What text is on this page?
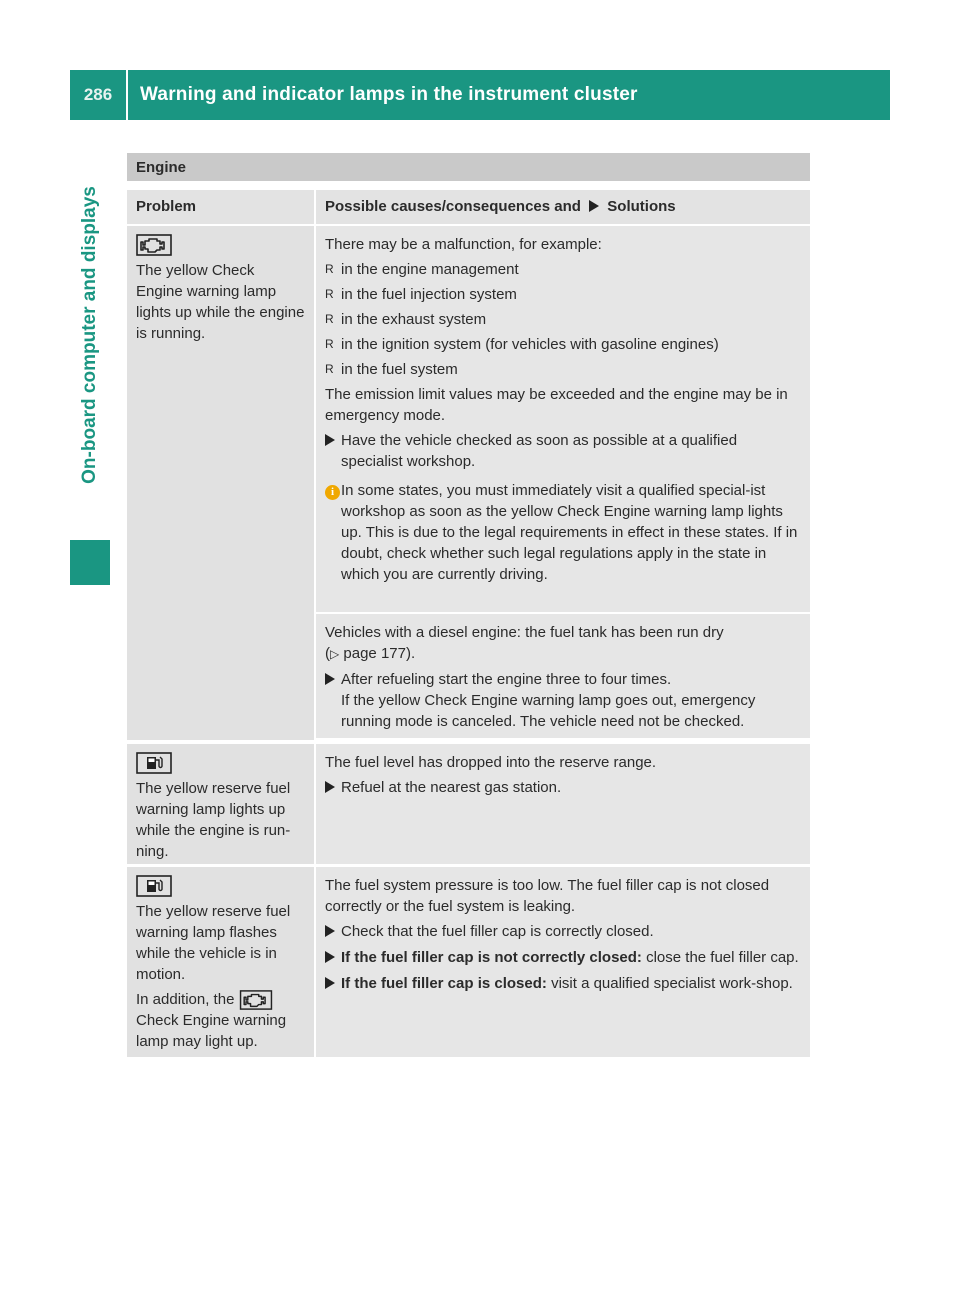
286	Warning and indicator lamps in the instrument cluster
On-board computer and displays
Engine
Problem	Possible causes/consequences and Solutions

The yellow Check Engine warning lamp lights up while the engine is running.

There may be a malfunction, for example:

R in the engine management
R in the fuel injection system
R in the exhaust system
R in the ignition system (for vehicles with gasoline engines)
R in the fuel system

The emission limit values may be exceeded and the engine may be in emergency mode.

Have the vehicle checked as soon as possible at a qualified specialist workshop.
i In some states, you must immediately visit a qualified special-ist workshop as soon as the yellow Check Engine warning lamp lights up. This is due to the legal requirements in effect in these states. If in doubt, check whether such legal regulations apply in the state in which you are currently driving.

Vehicles with a diesel engine: the fuel tank has been run dry

(▷ page 177).

After refueling start the engine three to four times.
If the yellow Check Engine warning lamp goes out, emergency running mode is canceled. The vehicle need not be checked.

The yellow reserve fuel warning lamp lights up while the engine is run-ning.

The fuel level has dropped into the reserve range.

Refuel at the nearest gas station.

The yellow reserve fuel warning lamp flashes while the vehicle is in motion.

In addition, the
Check Engine warning lamp may light up.

The fuel system pressure is too low. The fuel filler cap is not closed correctly or the fuel system is leaking.

Check that the fuel filler cap is correctly closed.
If the fuel filler cap is not correctly closed: close the fuel filler cap.
If the fuel filler cap is closed: visit a qualified specialist work-shop.
